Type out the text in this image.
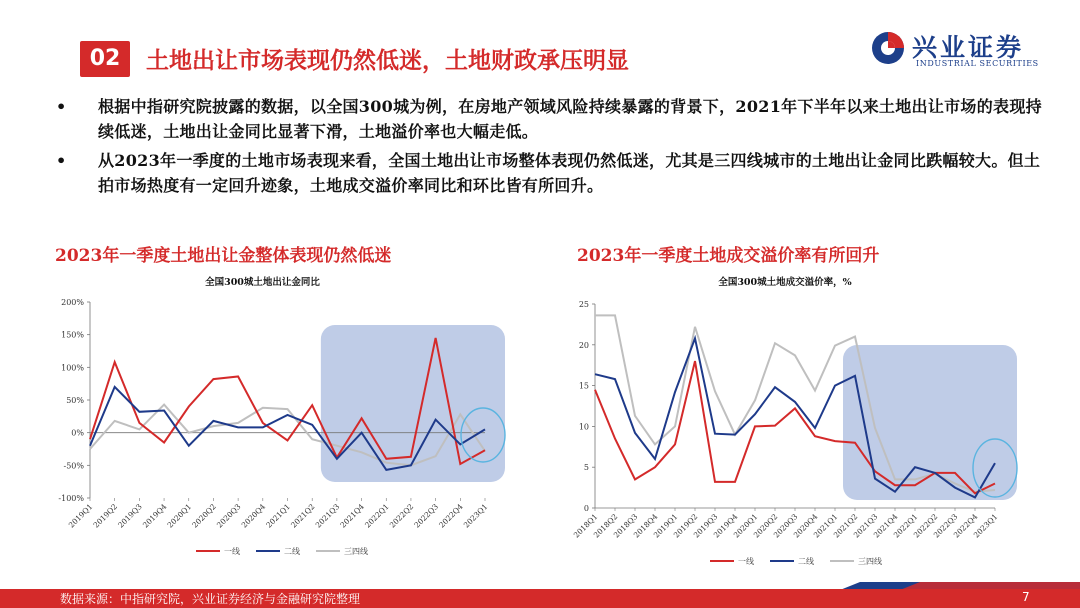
02	土地出让市场表现仍然低迷，土地财政承压明显	兴业证券
INDUSTRIAL SECURITIES
• 根据中指研究院披露的数据，以全国300城为例，在房地产领域风险持续暴露的背景下，2021年下半年以来土地出让市场的表现持续低迷，土地出让金同比显著下滑，土地溢价率也大幅走低。
• 从2023年一季度的土地市场表现来看，全国土地出让市场整体表现仍然低迷，尤其是三四线城市的土地出让金同比跌幅较大。但土拍市场热度有一定回升迹象，土地成交溢价率同比和环比皆有所回升。
2023年一季度土地出让金整体表现仍然低迷	2023年一季度土地成交溢价率有所回升
全国300城土地出让金同比
200%
150%
100%
50%
0%
-50%
-100%
2019Q1
2019Q2
2019Q3
2019Q4
2020Q1
2020Q2
2020Q3
2020Q4
2021Q1
2021Q2
2021Q3
2021Q4
2022Q1
2022Q2
2022Q3
2022Q4
2023Q1
一线	二线	三四线
全国300城土地成交溢价率，%
25
20
15
10
5
0
2018Q1
2018Q2
2018Q3
2018Q4
2019Q1
2019Q2
2019Q3
2019Q4
2020Q1
2020Q2
2020Q3
2020Q4
2021Q1
2021Q2
2021Q3
2021Q4
2022Q1
2022Q2
2022Q3
2022Q4
2023Q1
一线	二线	三四线
数据来源：中指研究院，兴业证券经济与金融研究院整理	7
